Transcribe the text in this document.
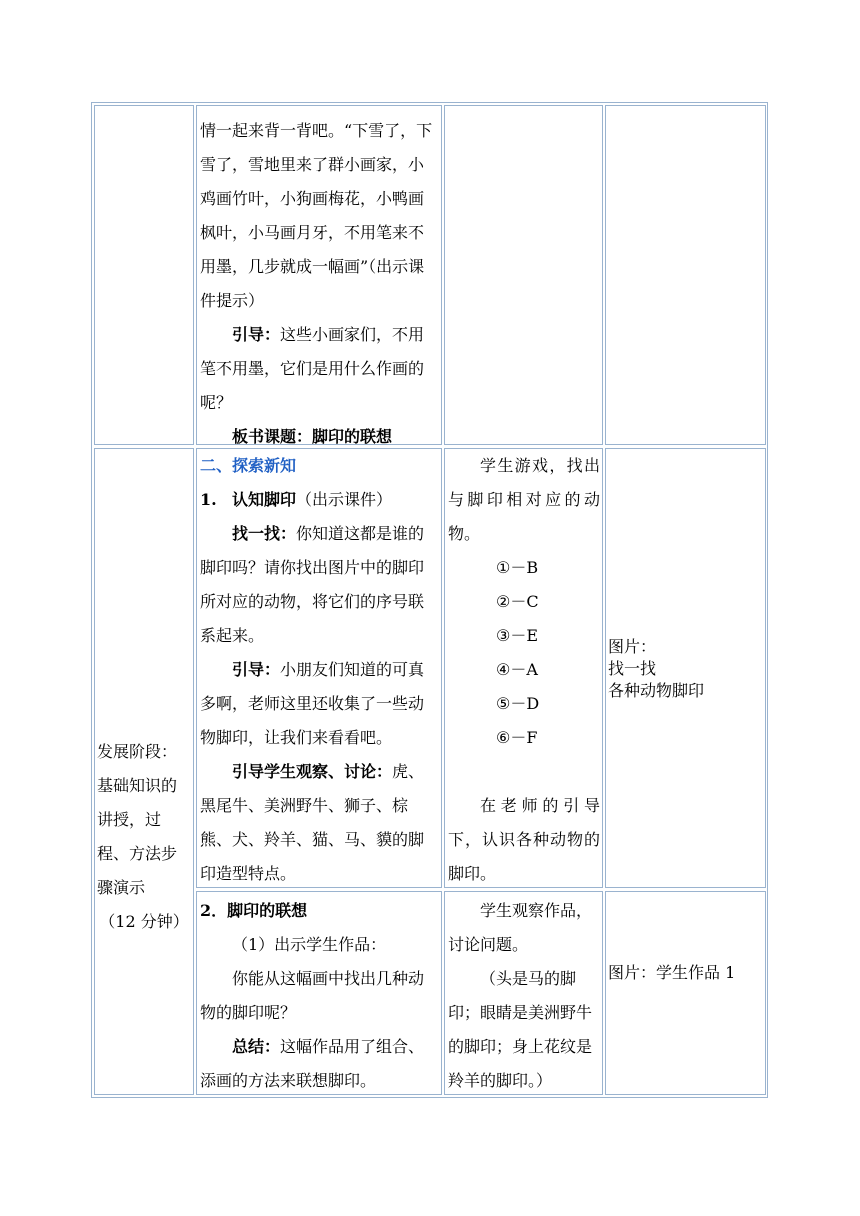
情一起来背一背吧。“下雪了，下雪了，雪地里来了群小画家，小鸡画竹叶，小狗画梅花，小鸭画枫叶，小马画月牙，不用笔来不用墨，几步就成一幅画”（出示课件提示）

引导：这些小画家们，不用笔不用墨，它们是用什么作画的呢？

板书课题：脚印的联想

发展阶段：基础知识的讲授，过程、方法步骤演示

（12 分钟）

二、探索新知

1. 认知脚印（出示课件）

找一找：你知道这都是谁的脚印吗？请你找出图片中的脚印所对应的动物，将它们的序号联系起来。

引导：小朋友们知道的可真多啊，老师这里还收集了一些动物脚印，让我们来看看吧。

引导学生观察、讨论：虎、黑尾牛、美洲野牛、狮子、棕熊、犬、羚羊、猫、马、貘的脚印造型特点。

学生游戏，找出与脚印相对应的动物。

①－B

②－C

③－E

④－A

⑤－D

⑥－F

在老师的引导下，认识各种动物的脚印。

图片：

找一找

各种动物脚印

2．脚印的联想

（1）出示学生作品：

你能从这幅画中找出几种动物的脚印呢？

总结：这幅作品用了组合、添画的方法来联想脚印。

学生观察作品，讨论问题。

（头是马的脚印；眼睛是美洲野牛的脚印；身上花纹是羚羊的脚印。）

图片：学生作品 1
